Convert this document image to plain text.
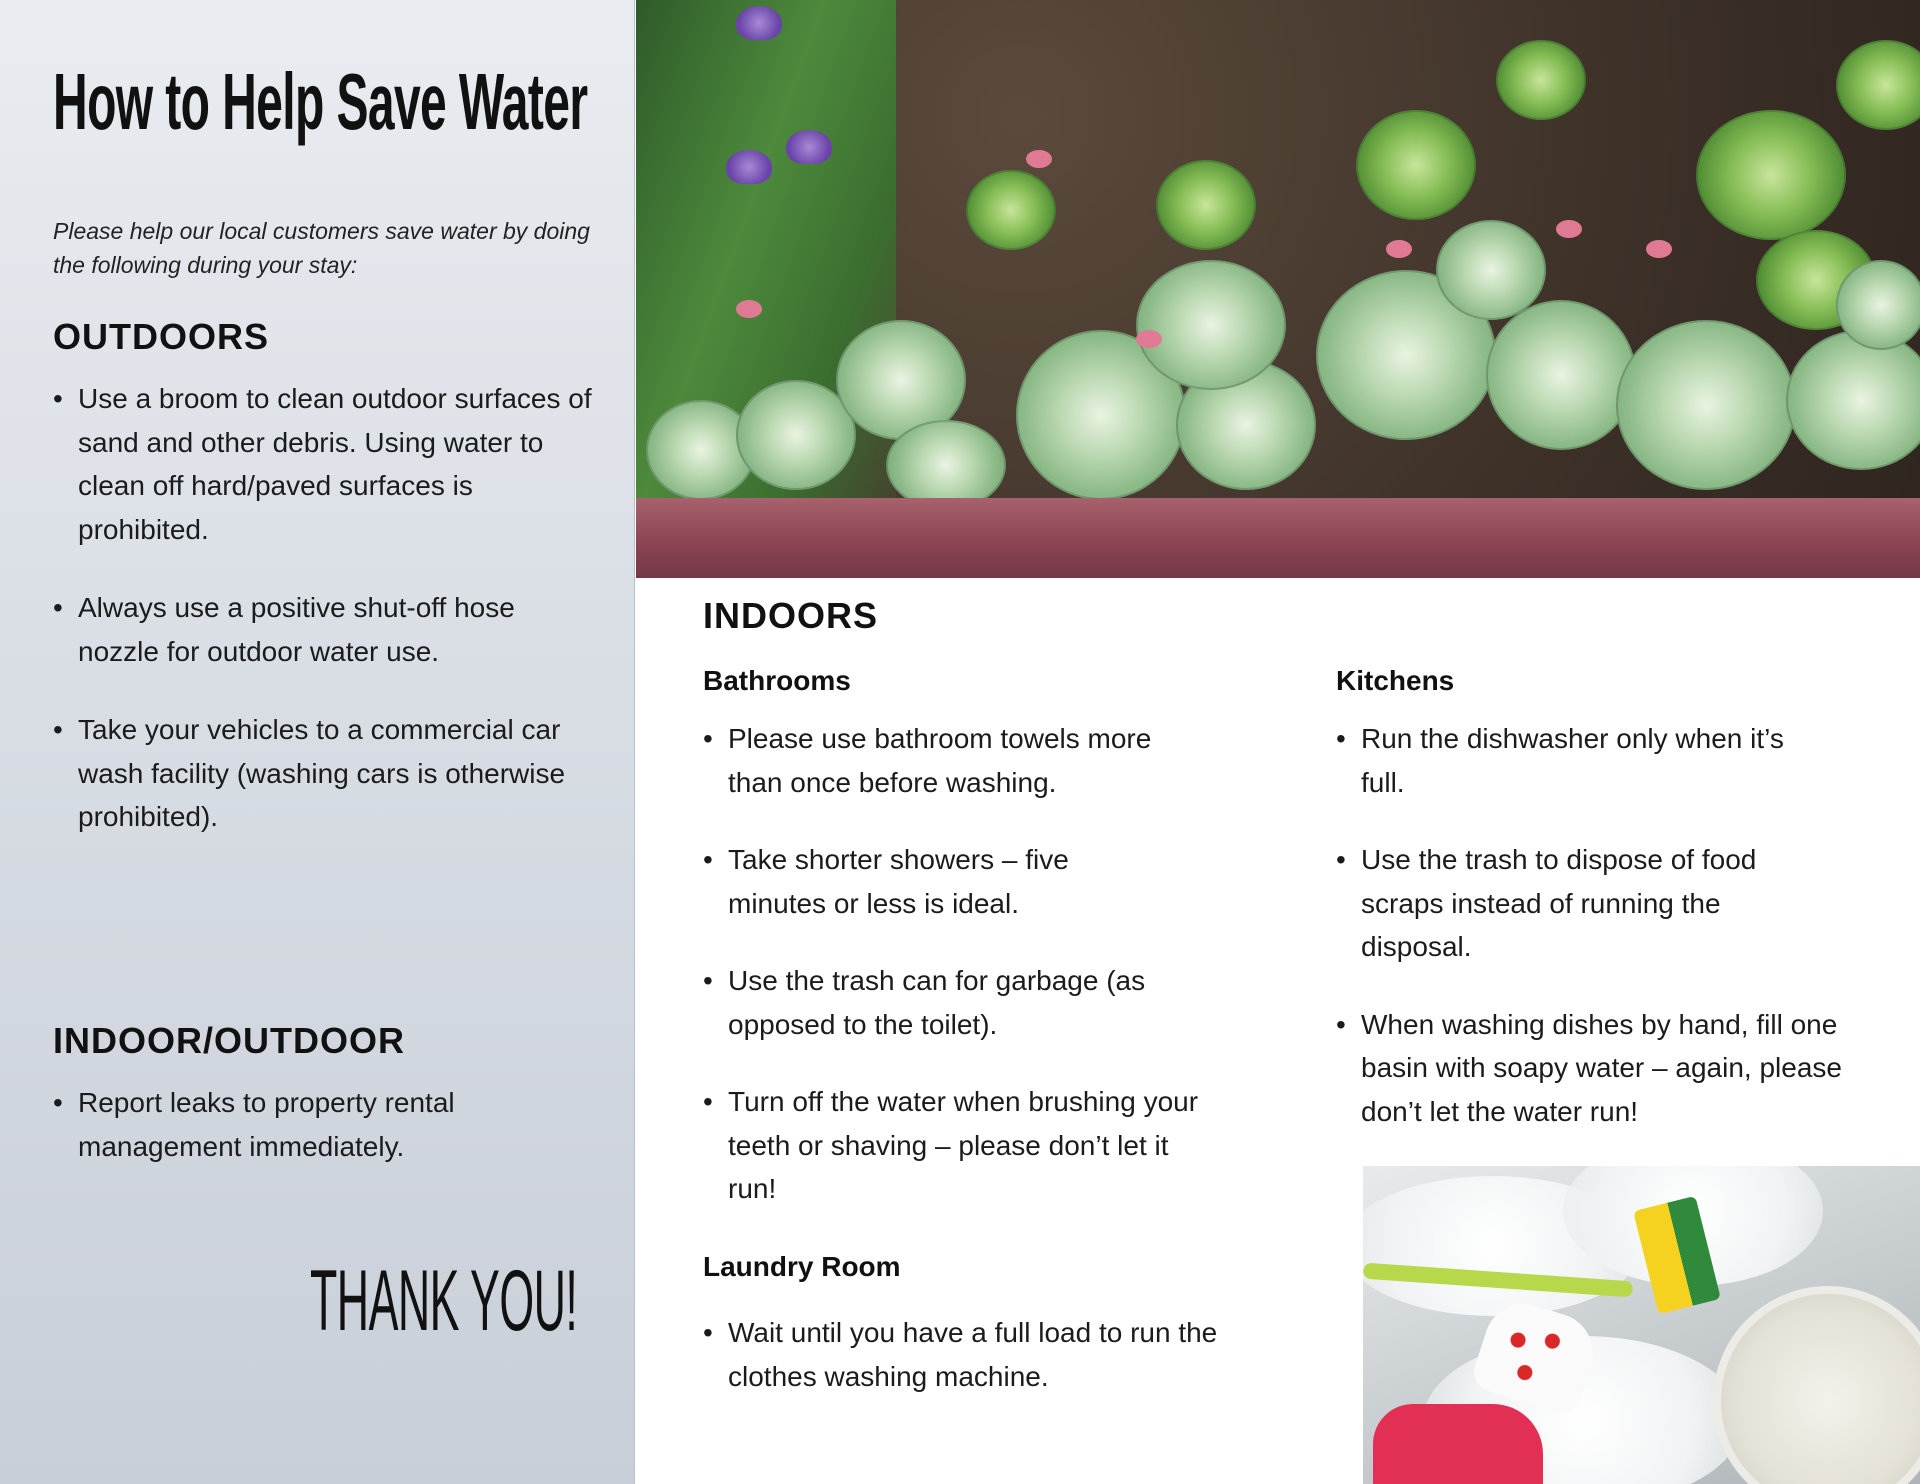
How to Help Save Water

Please help our local customers save water by doing the following during your stay:

OUTDOORS
• Use a broom to clean outdoor surfaces of sand and other debris. Using water to clean off hard/paved surfaces is prohibited.
• Always use a positive shut-off hose nozzle for outdoor water use.
• Take your vehicles to a commercial car wash facility (washing cars is otherwise prohibited).
INDOOR/OUTDOOR
• Report leaks to property rental management immediately.
THANK YOU!
INDOORS
Bathrooms
• Please use bathroom towels more than once before washing.
• Take shorter showers – five minutes or less is ideal.
• Use the trash can for garbage (as opposed to the toilet).
• Turn off the water when brushing your teeth or shaving – please don’t let it run!
Laundry Room
• Wait until you have a full load to run the clothes washing machine.
Kitchens
• Run the dishwasher only when it’s full.
• Use the trash to dispose of food scraps instead of running the disposal.
• When washing dishes by hand, fill one basin with soapy water – again, please don’t let the water run!
